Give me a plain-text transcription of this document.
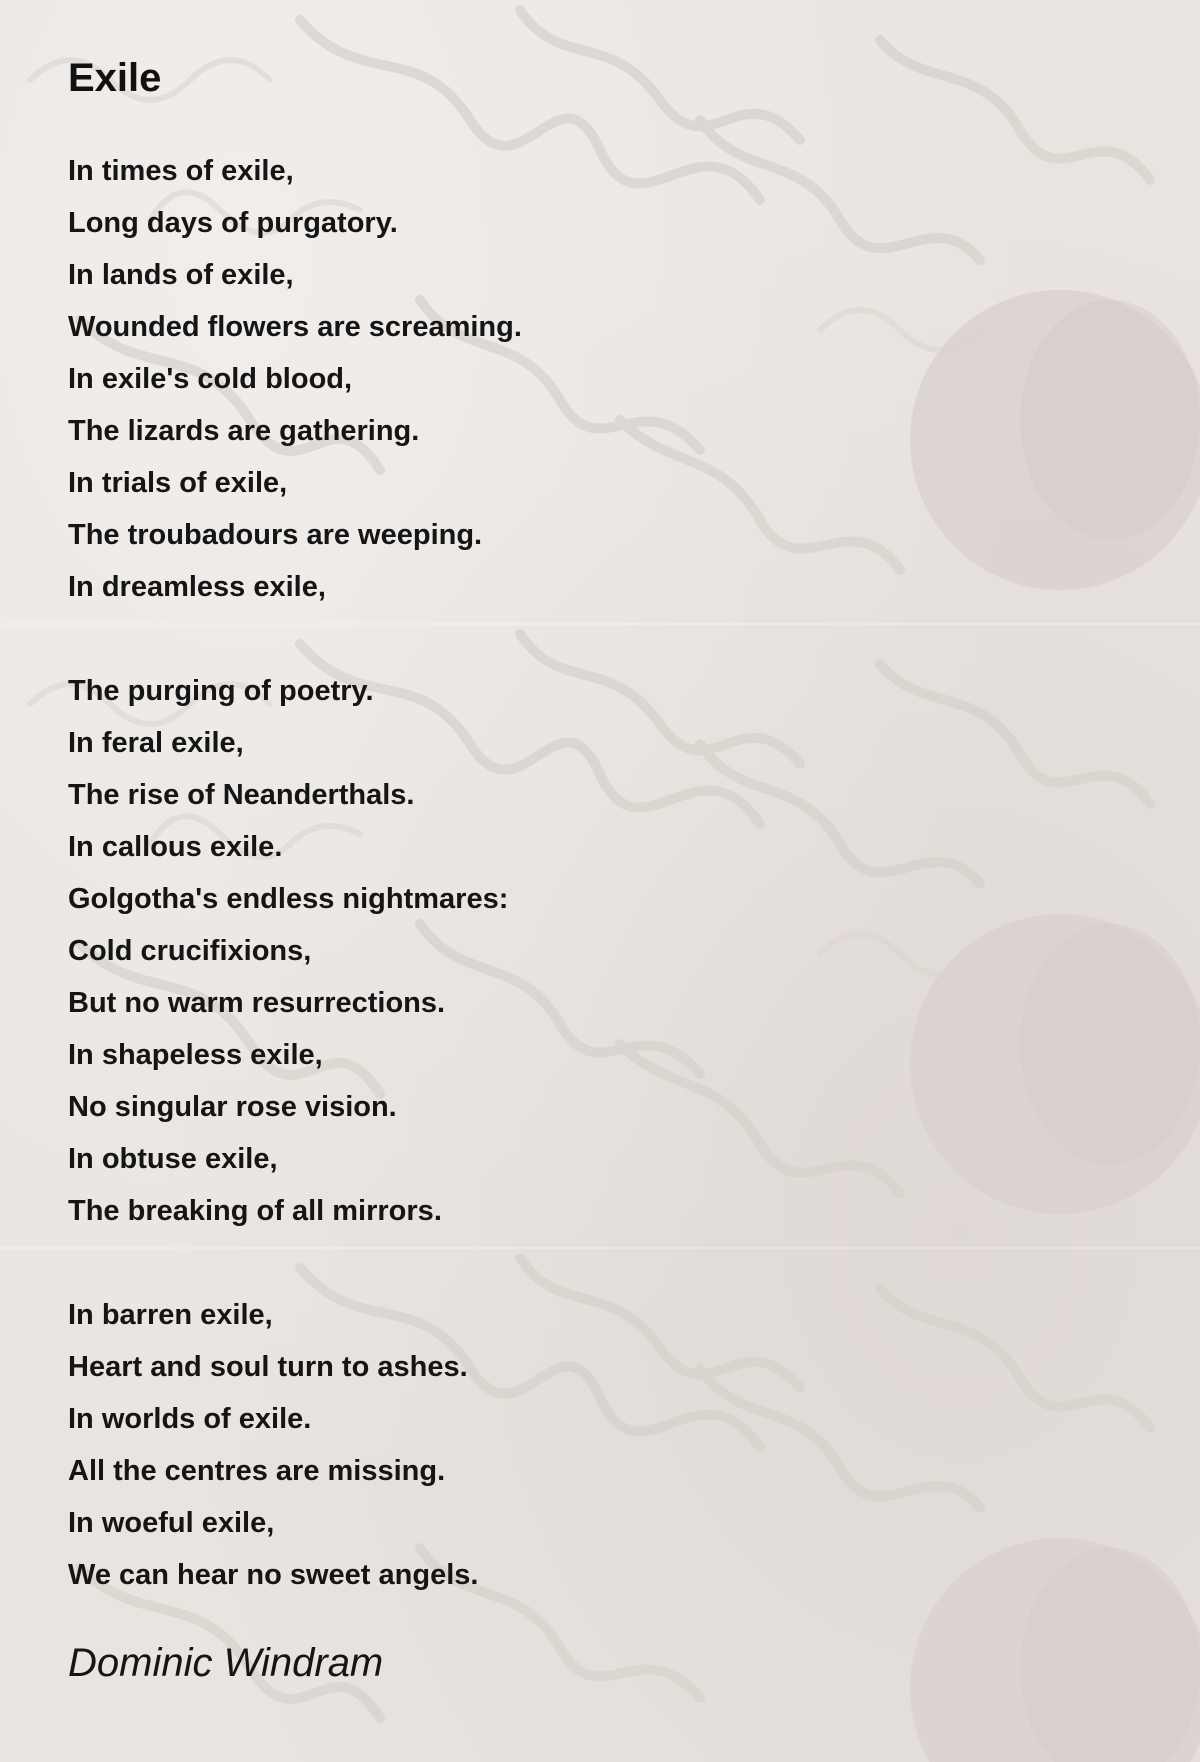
Exile
In times of exile,
Long days of purgatory.
In lands of exile,
Wounded flowers are screaming.
In exile's cold blood,
The lizards are gathering.
In trials of exile,
The troubadours are weeping.
In dreamless exile,
The purging of poetry.
In feral exile,
The rise of Neanderthals.
In callous exile.
Golgotha's endless nightmares:
Cold crucifixions,
But no warm resurrections.
In shapeless exile,
No singular rose vision.
In obtuse exile,
The breaking of all mirrors.
In barren exile,
Heart and soul turn to ashes.
In worlds of exile.
All the centres are missing.
In woeful exile,
We can hear no sweet angels.
Dominic Windram
